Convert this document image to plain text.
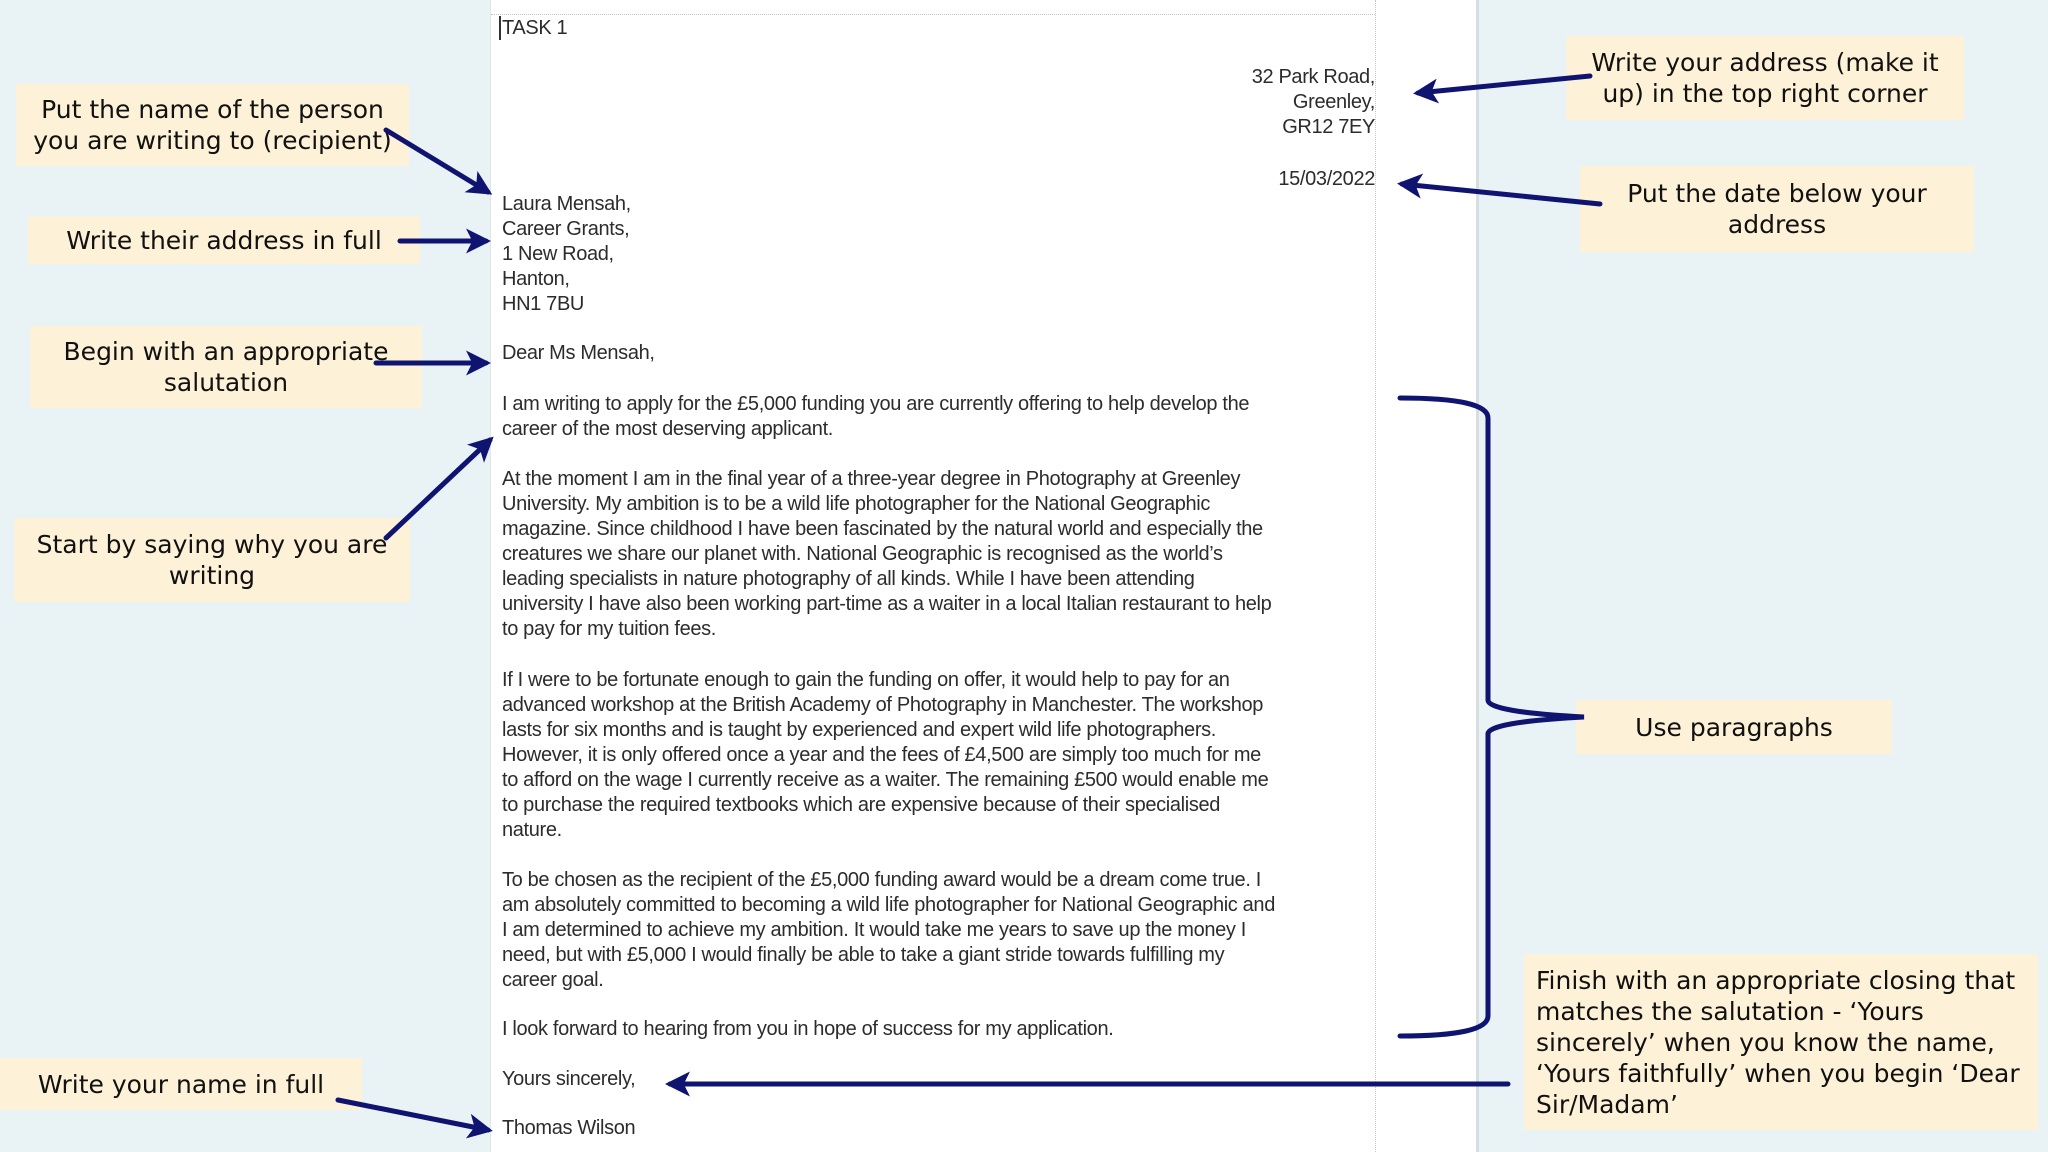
TASK 1

32 Park Road,
Greenley,
GR12 7EY

15/03/2022

Laura Mensah,
Career Grants,
1 New Road,
Hanton,
HN1 7BU

Dear Ms Mensah,

I am writing to apply for the £5,000 funding you are currently offering to help develop the
career of the most deserving applicant.
At the moment I am in the final year of a three-year degree in Photography at Greenley
University. My ambition is to be a wild life photographer for the National Geographic
magazine. Since childhood I have been fascinated by the natural world and especially the
creatures we share our planet with. National Geographic is recognised as the world’s
leading specialists in nature photography of all kinds. While I have been attending
university I have also been working part-time as a waiter in a local Italian restaurant to help
to pay for my tuition fees.
If I were to be fortunate enough to gain the funding on offer, it would help to pay for an
advanced workshop at the British Academy of Photography in Manchester. The workshop
lasts for six months and is taught by experienced and expert wild life photographers.
However, it is only offered once a year and the fees of £4,500 are simply too much for me
to afford on the wage I currently receive as a waiter. The remaining £500 would enable me
to purchase the required textbooks which are expensive because of their specialised
nature.
To be chosen as the recipient of the £5,000 funding award would be a dream come true. I
am absolutely committed to becoming a wild life photographer for National Geographic and
I am determined to achieve my ambition. It would take me years to save up the money I
need, but with £5,000 I would finally be able to take a giant stride towards fulfilling my
career goal.
I look forward to hearing from you in hope of success for my application.

Yours sincerely,

Thomas Wilson

Put the name of the person
you are writing to (recipient)
Write their address in full
Begin with an appropriate
salutation
Start by saying why you are
writing
Write your name in full
Write your address (make it
up) in the top right corner
Put the date below your
address
Use paragraphs
Finish with an appropriate closing that
matches the salutation - ‘Yours
sincerely’ when you know the name,
‘Yours faithfully’ when you begin ‘Dear
Sir/Madam’
